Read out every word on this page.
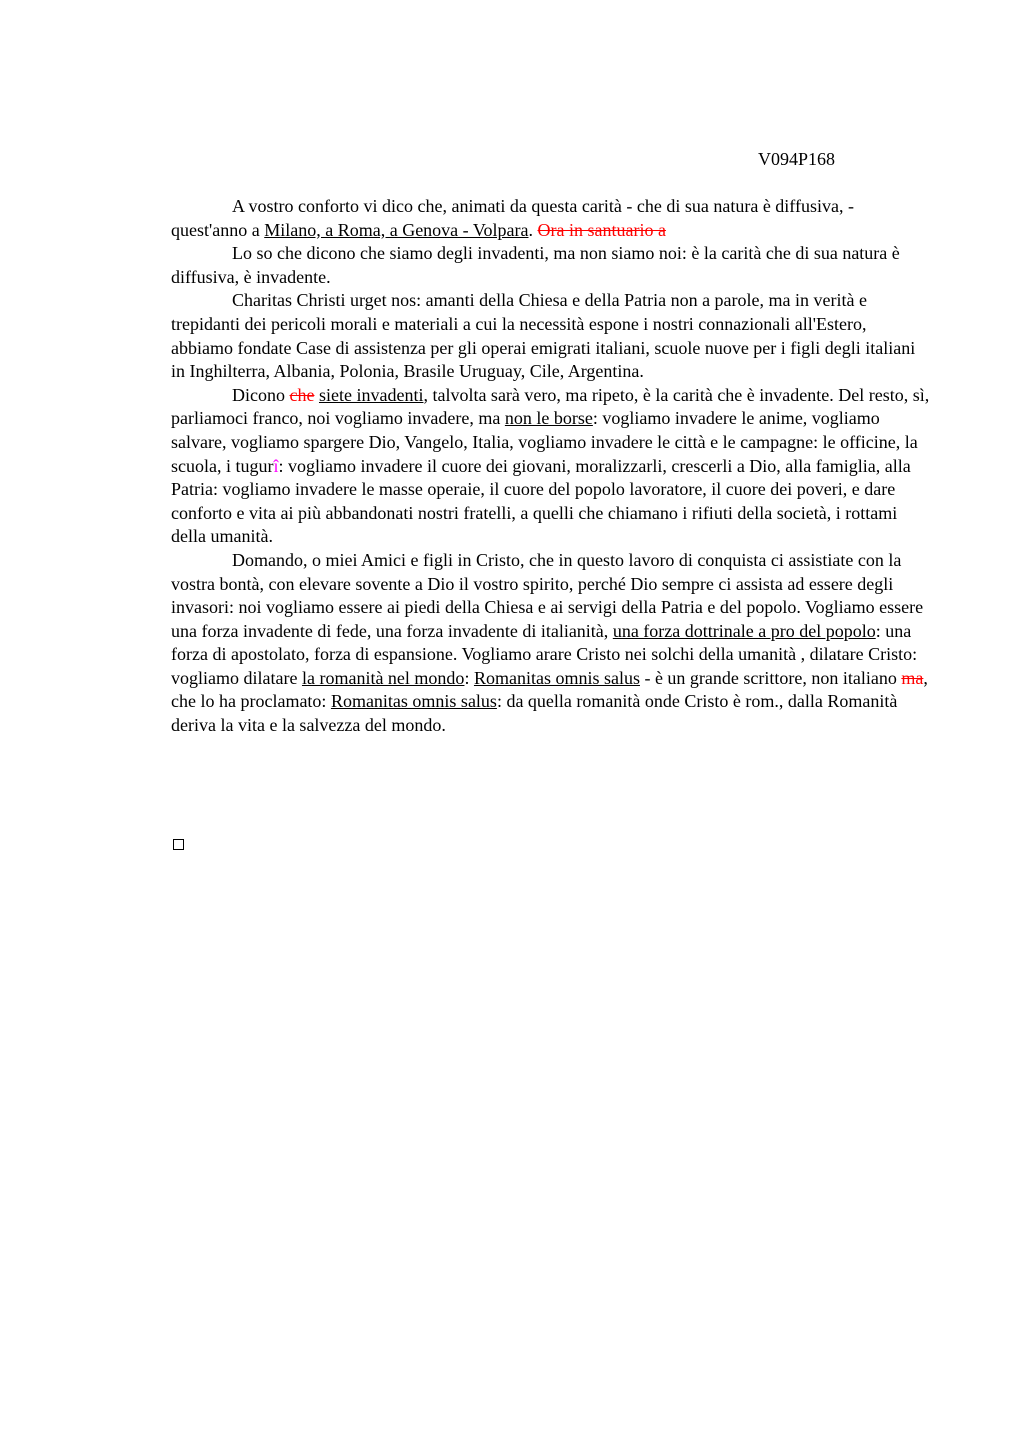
V094P168

A vostro conforto vi dico che, animati da questa carità - che di sua natura è diffusiva, - quest'anno a Milano, a Roma, a Genova - Volpara. Ora in santuario a

Lo so che dicono che siamo degli invadenti, ma non siamo noi: è la carità che di sua natura è diffusiva, è invadente.

Charitas Christi urget nos: amanti della Chiesa e della Patria non a parole, ma in verità e trepidanti dei pericoli morali e materiali a cui la necessità espone i nostri connazionali all'Estero, abbiamo fondate Case di assistenza per gli operai emigrati italiani, scuole nuove per i figli degli italiani in Inghilterra, Albania, Polonia, Brasile Uruguay, Cile, Argentina.

Dicono che siete invadenti, talvolta sarà vero, ma ripeto, è la carità che è invadente. Del resto, sì, parliamoci franco, noi vogliamo invadere, ma non le borse: vogliamo invadere le anime, vogliamo salvare, vogliamo spargere Dio, Vangelo, Italia, vogliamo invadere le città e le campagne: le officine, la scuola, i tugurî: vogliamo invadere il cuore dei giovani, moralizzarli, crescerli a Dio, alla famiglia, alla Patria: vogliamo invadere le masse operaie, il cuore del popolo lavoratore, il cuore dei poveri, e dare conforto e vita ai più abbandonati nostri fratelli, a quelli che chiamano i rifiuti della società, i rottami della umanità.

Domando, o miei Amici e figli in Cristo, che in questo lavoro di conquista ci assistiate con la vostra bontà, con elevare sovente a Dio il vostro spirito, perché Dio sempre ci assista ad essere degli invasori: noi vogliamo essere ai piedi della Chiesa e ai servigi della Patria e del popolo. Vogliamo essere una forza invadente di fede, una forza invadente di italianità, una forza dottrinale a pro del popolo: una forza di apostolato, forza di espansione. Vogliamo arare Cristo nei solchi della umanità , dilatare Cristo: vogliamo dilatare la romanità nel mondo: Romanitas omnis salus - è un grande scrittore, non italiano ma, che lo ha proclamato: Romanitas omnis salus: da quella romanità onde Cristo è rom., dalla Romanità deriva la vita e la salvezza del mondo.
